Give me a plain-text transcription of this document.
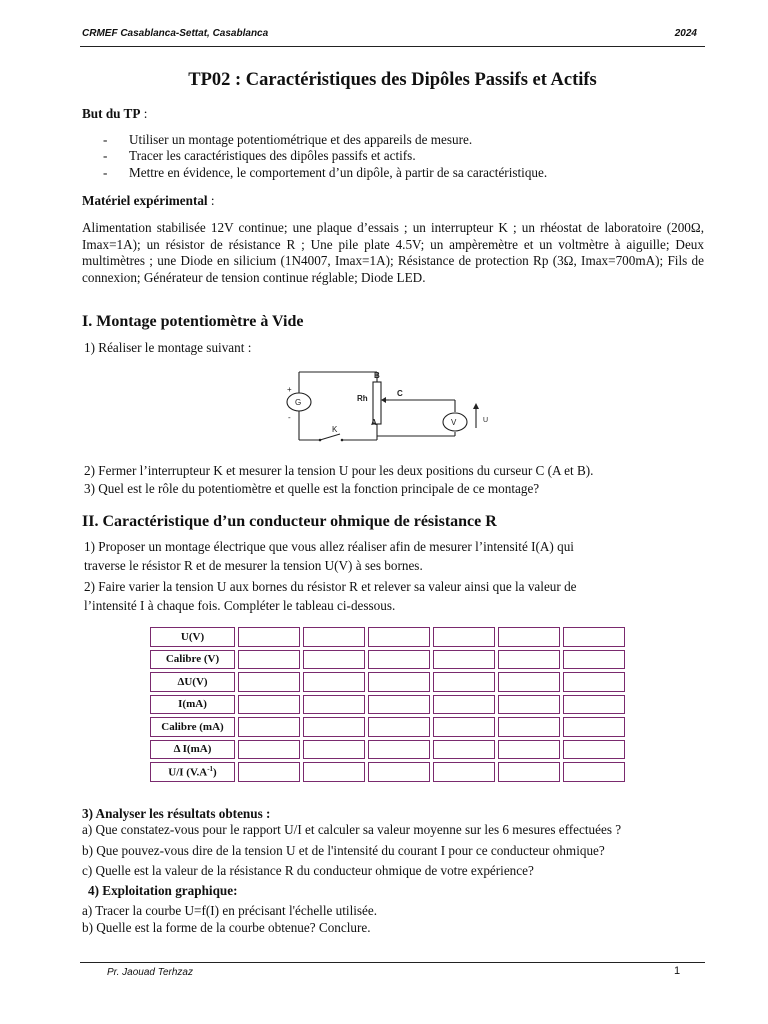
CRMEF Casablanca-Settat, Casablanca	2024
TP02 : Caractéristiques des Dipôles Passifs et Actifs
But du TP :
- Utiliser un montage potentiométrique et des appareils de mesure.
- Tracer les caractéristiques des dipôles passifs et actifs.
- Mettre en évidence, le comportement d’un dipôle, à partir de sa caractéristique.
Matériel expérimental :
Alimentation stabilisée 12V continue; une plaque d’essais ; un interrupteur K ; un rhéostat de laboratoire (200Ω, Imax=1A); un résistor de résistance R ; Une pile plate 4.5V; un ampèremètre et un voltmètre à aiguille; Deux multimètres ; une Diode en silicium (1N4007, Imax=1A); Résistance de protection Rp (3Ω, Imax=700mA); Fils de connexion; Générateur de tension continue réglable; Diode LED.
I. Montage potentiomètre à Vide
1) Réaliser le montage suivant :
+
-
G	Rh
B
A
C
K
V	U
2) Fermer l’interrupteur K et mesurer la tension U pour les deux positions du curseur C (A et B).
3) Quel est le rôle du potentiomètre et quelle est la fonction principale de ce montage?
II. Caractéristique d’un conducteur ohmique de résistance R
1) Proposer un montage électrique que vous allez réaliser afin de mesurer l’intensité I(A) qui
traverse le résistor R et de mesurer la tension U(V) à ses bornes.
2) Faire varier la tension U aux bornes du résistor R et relever sa valeur ainsi que la valeur de
l’intensité I à chaque fois. Compléter le tableau ci-dessous.
U(V)						
Calibre (V)						
ΔU(V)						
I(mA)						
Calibre (mA)						
Δ I(mA)						
U/I $(V.A^{-1})$						
3) Analyser les résultats obtenus :
a) Que constatez-vous pour le rapport U/I et calculer sa valeur moyenne sur les 6 mesures effectuées ?
b) Que pouvez-vous dire de la tension U et de l'intensité du courant I pour ce conducteur ohmique?
c) Quelle est la valeur de la résistance R du conducteur ohmique de votre expérience?
4) Exploitation graphique:
a) Tracer la courbe U=f(I) en précisant l'échelle utilisée.
b) Quelle est la forme de la courbe obtenue? Conclure.
Pr. Jaouad Terhzaz	1
